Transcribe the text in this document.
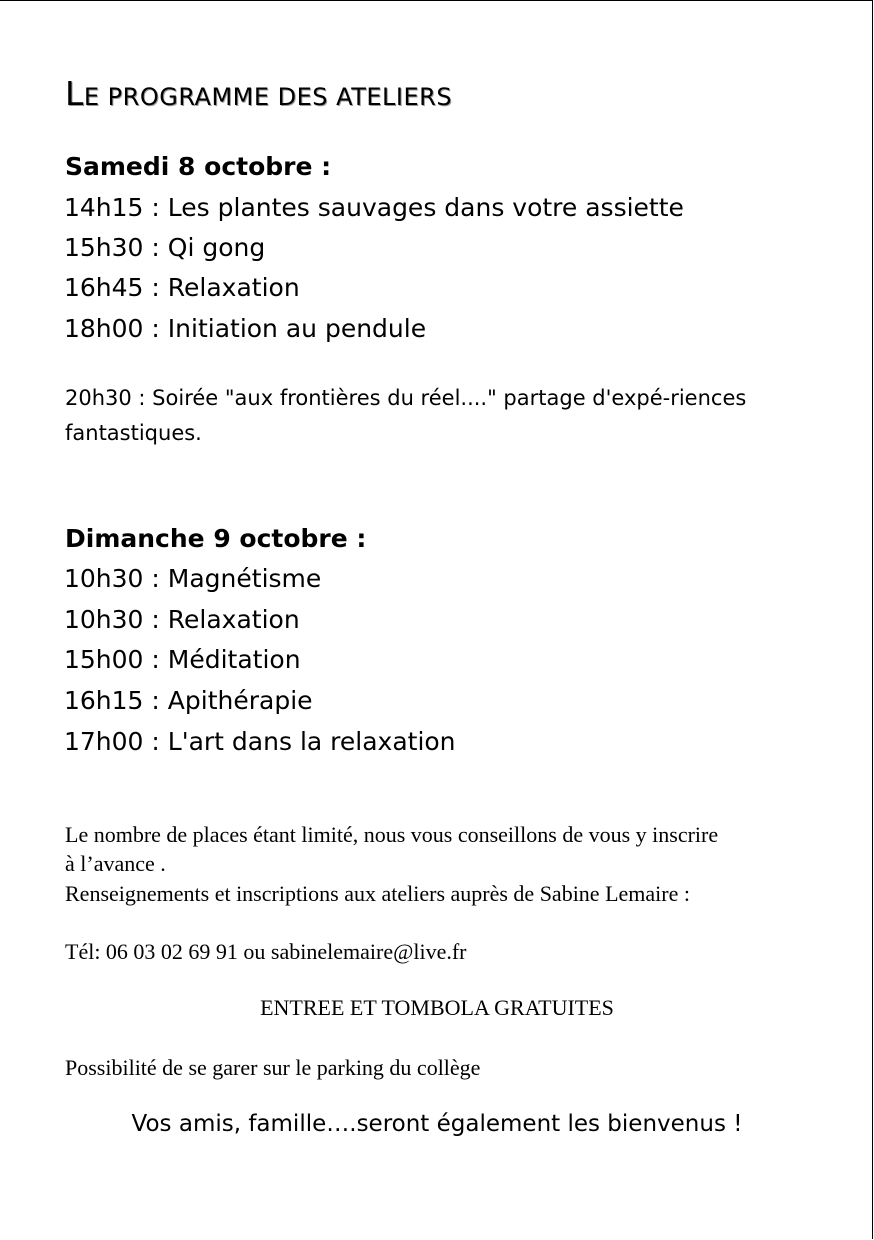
LE PROGRAMME DES ATELIERS
Samedi 8 octobre :
14h15 : Les plantes sauvages dans votre assiette
15h30 : Qi gong
16h45 : Relaxation
18h00 : Initiation au pendule
20h30 : Soirée "aux frontières du réel...." partage d'expé-riences fantastiques.
Dimanche 9 octobre :
10h30 : Magnétisme
10h30 : Relaxation
15h00 : Méditation
16h15 : Apithérapie
17h00 : L'art dans la relaxation
Le nombre de places étant limité, nous vous conseillons de vous y inscrire
à l’avance .
Renseignements et inscriptions aux ateliers auprès de Sabine Lemaire :
Tél: 06 03 02 69 91 ou sabinelemaire@live.fr
ENTREE ET TOMBOLA GRATUITES
Possibilité de se garer sur le parking du collège
Vos amis, famille….seront également les bienvenus !
